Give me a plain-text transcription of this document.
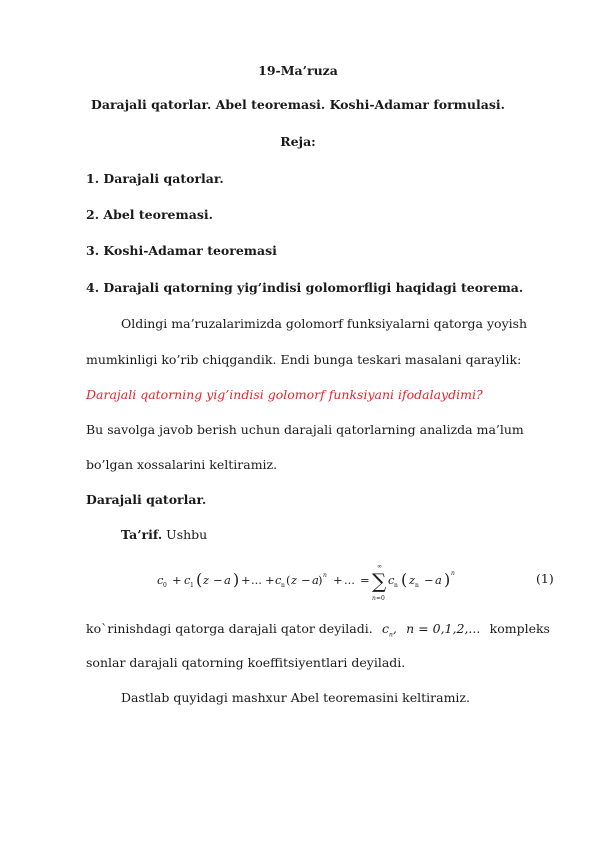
19-Ma’ruza
Darajali qatorlar. Abel teoremasi. Koshi-Adamar formulasi.
Reja:
1. Darajali qatorlar.
2. Abel teoremasi.
3. Koshi-Adamar teoremasi
4. Darajali qatorning yig’indisi golomorfligi haqidagi teorema.
Oldingi ma’ruzalarimizda golomorf funksiyalarni qatorga yoyish
mumkinligi ko’rib chiqgandik. Endi bunga teskari masalani qaraylik:
Darajali qatorning yig’indisi golomorf funksiyani ifodalaydimi?
Bu savolga javob berish uchun darajali qatorlarning analizda ma’lum
bo’lgan xossalarini keltiramiz.
Darajali qatorlar.
Ta’rif. Ushbu
c 0 + c 1 ( z − a ) + ... + c n ( z − a ) n + ... = ∑
∞
n =0
c n ( z n − a ) n	(1)
ko`rinishdagi qatorga darajali qator deyiladi. $c_n$, n = 0,1,2,... kompleks
sonlar darajali qatorning koeffitsiyentlari deyiladi.
Dastlab quyidagi mashxur Abel teoremasini keltiramiz.
